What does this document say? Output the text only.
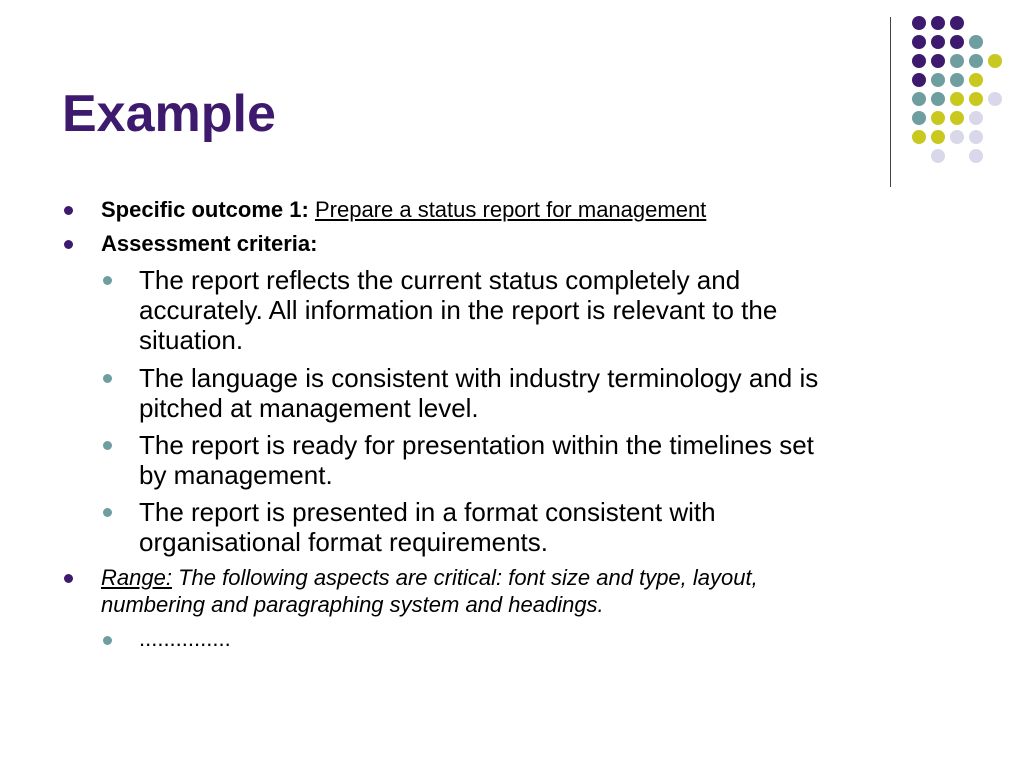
Example
Specific outcome 1: Prepare a status report for management
Assessment criteria:
The report reflects the current status completely and
accurately. All information in the report is relevant to the
situation.
The language is consistent with industry terminology and is
pitched at management level.
The report is ready for presentation within the timelines set
by management.
The report is presented in a format consistent with
organisational format requirements.
Range: The following aspects are critical: font size and type, layout,
numbering and paragraphing system and headings.
...............
